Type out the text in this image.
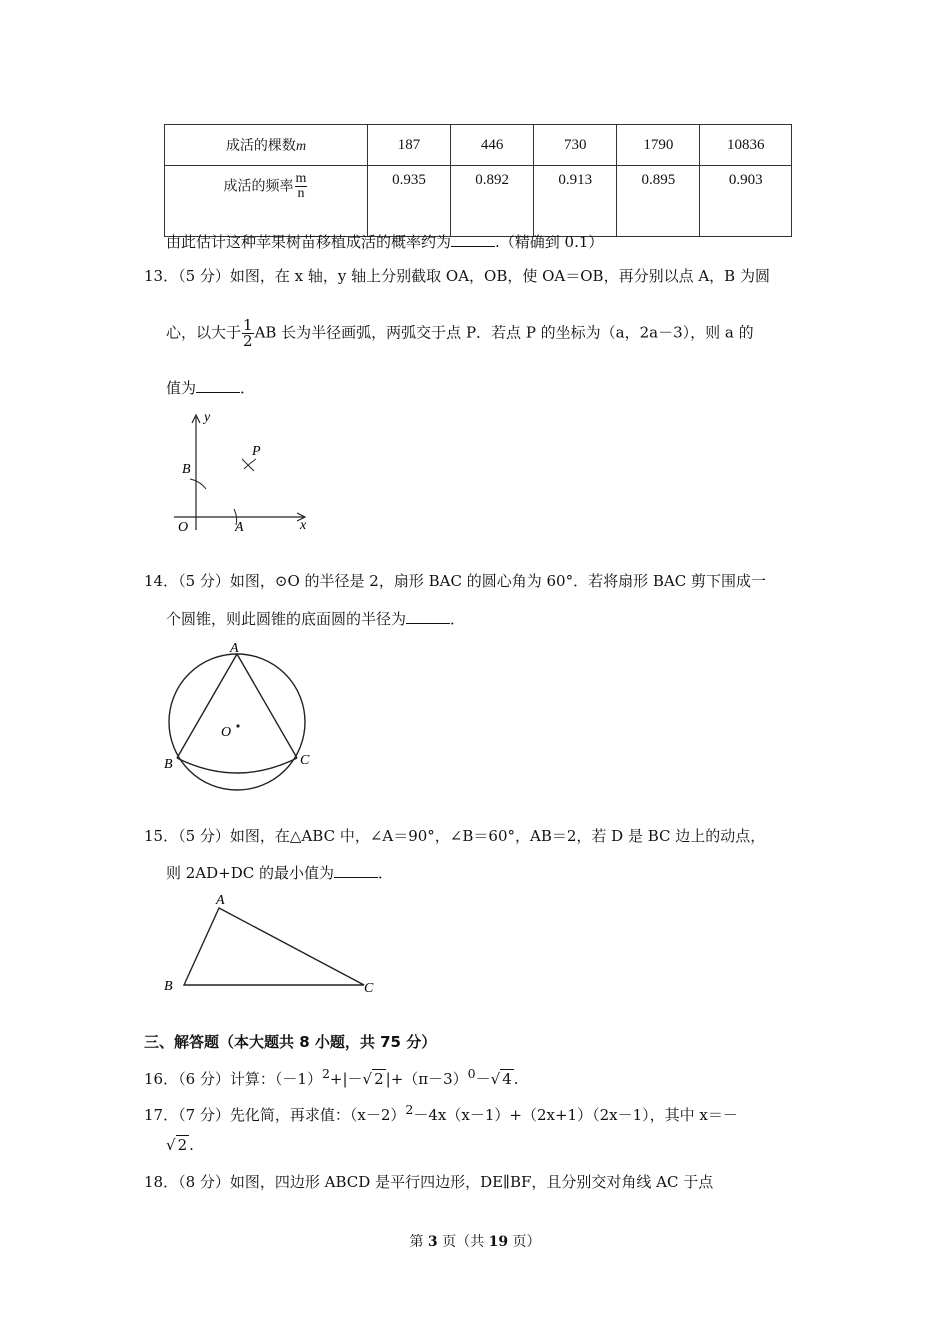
成活的棵数m	187	446	730	1790	10836
成活的频率 $\frac{m}{n}$	0.935	0.892	0.913	0.895	0.903
由此估计这种苹果树苗移植成活的概率约为	.（精确到 0.1）
13．（5 分）如图，在 x 轴，y 轴上分别截取 OA，OB，使 OA＝OB，再分别以点 A，B 为圆
心，以大于 $\frac{1}{2}$ AB 长为半径画弧，两弧交于点 P．若点 P 的坐标为（a，2a－3），则 a 的
值为	．
y
x
O	A
B
P
14．（5 分）如图，⊙O 的半径是 2，扇形 BAC 的圆心角为 60°．若将扇形 BAC 剪下围成一
个圆锥，则此圆锥的底面圆的半径为	．
A
B	C
O
15．（5 分）如图，在△ABC 中，∠A＝90°，∠B＝60°，AB＝2，若 D 是 BC 边上的动点，
则 2AD+DC 的最小值为	．
A
B	C
三、解答题（本大题共 8 小题，共 75 分）
16．（6 分）计算：$(-1)^2+|-√$ 2 $|+(\pi-3)^0-√$ 4 .
17．（7 分）先化简，再求值：$(x-2)^2-4x(x-1)+(2x+1)(2x-1)$，其中 x＝－
√ 2 .
18．（8 分）如图，四边形 ABCD 是平行四边形，DE∥BF，且分别交对角线 AC 于点
第 3 页（共 19 页）
